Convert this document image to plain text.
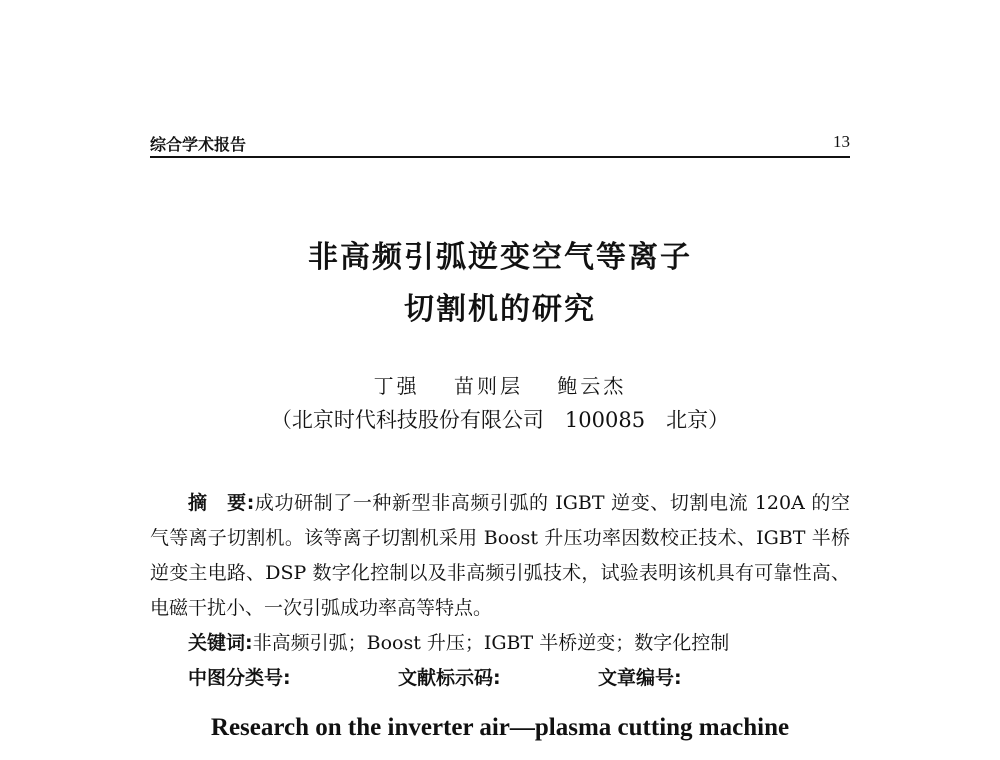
综合学术报告	13
非高频引弧逆变空气等离子
切割机的研究
丁强 苗则层 鲍云杰
（北京时代科技股份有限公司　100085　北京）

摘　要:成功研制了一种新型非高频引弧的 IGBT 逆变、切割电流 120A 的空气等离子切割机。该等离子切割机采用 Boost 升压功率因数校正技术、IGBT 半桥逆变主电路、DSP 数字化控制以及非高频引弧技术，试验表明该机具有可靠性高、电磁干扰小、一次引弧成功率高等特点。

关键词:非高频引弧；Boost 升压；IGBT 半桥逆变；数字化控制

中图分类号:	文献标示码:	文章编号:

Research on the inverter air—plasma cutting machine
